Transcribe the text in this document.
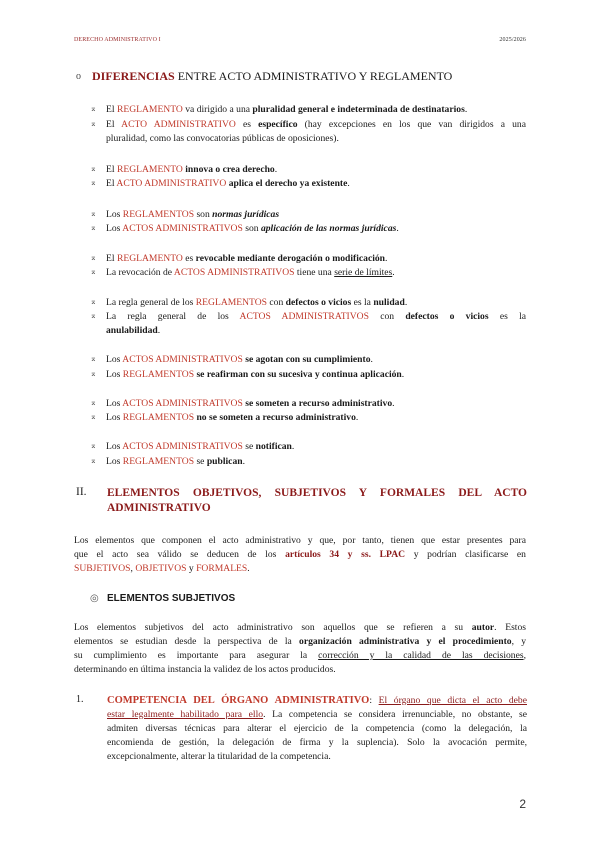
DERECHO ADMINISTRATIVO I	2025/2026
o DIFERENCIAS ENTRE ACTO ADMINISTRATIVO Y REGLAMENTO
⌅ El REGLAMENTO va dirigido a una pluralidad general e indeterminada de destinatarios.
⌅ El ACTO ADMINISTRATIVO es específico (hay excepciones en los que van dirigidos a una
pluralidad, como las convocatorias públicas de oposiciones).
⌅ El REGLAMENTO innova o crea derecho.
⌅ El ACTO ADMINISTRATIVO aplica el derecho ya existente.
⌅ Los REGLAMENTOS son normas jurídicas
⌅ Los ACTOS ADMINISTRATIVOS son aplicación de las normas jurídicas.
⌅ El REGLAMENTO es revocable mediante derogación o modificación.
⌅ La revocación de ACTOS ADMINISTRATIVOS tiene una serie de límites.
⌅ La regla general de los REGLAMENTOS con defectos o vicios es la nulidad.
⌅ La regla general de los ACTOS ADMINISTRATIVOS con defectos o vicios es la
anulabilidad.
⌅ Los ACTOS ADMINISTRATIVOS se agotan con su cumplimiento.
⌅ Los REGLAMENTOS se reafirman con su sucesiva y continua aplicación.
⌅ Los ACTOS ADMINISTRATIVOS se someten a recurso administrativo.
⌅ Los REGLAMENTOS no se someten a recurso administrativo.
⌅ Los ACTOS ADMINISTRATIVOS se notifican.
⌅ Los REGLAMENTOS se publican.
II. ELEMENTOS OBJETIVOS, SUBJETIVOS Y FORMALES DEL ACTO
ADMINISTRATIVO
Los elementos que componen el acto administrativo y que, por tanto, tienen que estar presentes para
que el acto sea válido se deducen de los artículos 34 y ss. LPAC y podrían clasificarse en
SUBJETIVOS, OBJETIVOS y FORMALES.
◎ ELEMENTOS SUBJETIVOS
Los elementos subjetivos del acto administrativo son aquellos que se refieren a su autor. Estos
elementos se estudian desde la perspectiva de la organización administrativa y el procedimiento, y
su cumplimiento es importante para asegurar la corrección y la calidad de las decisiones,
determinando en última instancia la validez de los actos producidos.
1. COMPETENCIA DEL ÓRGANO ADMINISTRATIVO: El órgano que dicta el acto debe
estar legalmente habilitado para ello. La competencia se considera irrenunciable, no obstante, se
admiten diversas técnicas para alterar el ejercicio de la competencia (como la delegación, la
encomienda de gestión, la delegación de firma y la suplencia). Solo la avocación permite,
excepcionalmente, alterar la titularidad de la competencia.
2
